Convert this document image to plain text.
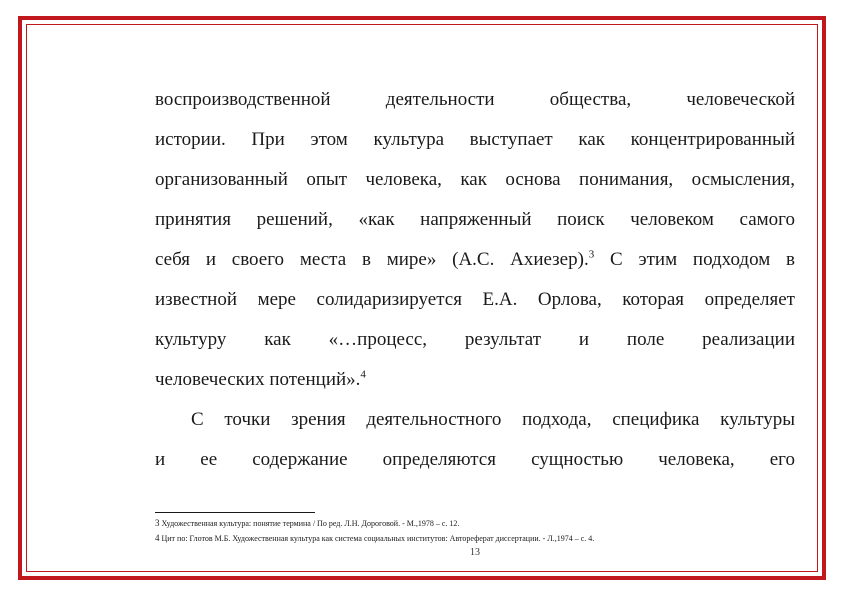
воспроизводственной деятельности общества, человеческой
истории. При этом культура выступает как концентрированный
организованный опыт человека, как основа понимания, осмысления,
принятия решений, «как напряженный поиск человеком самого
себя и своего места в мире» (А.С. Ахиезер).$^3$ С этим подходом в
известной мере солидаризируется Е.А. Орлова, которая определяет
культуру как «…процесс, результат и поле реализации
человеческих потенций».$^4$
С точки зрения деятельностного подхода, специфика культуры
и ее содержание определяются сущностью человека, его
3 Художественная культура: понятие термина / По ред. Л.Н. Дороговой. - М.,1978 – с. 12.
4 Цит по: Глотов М.Б. Художественная культура как система социальных институтов: Автореферат диссертации. - Л.,1974 – с. 4.
13
